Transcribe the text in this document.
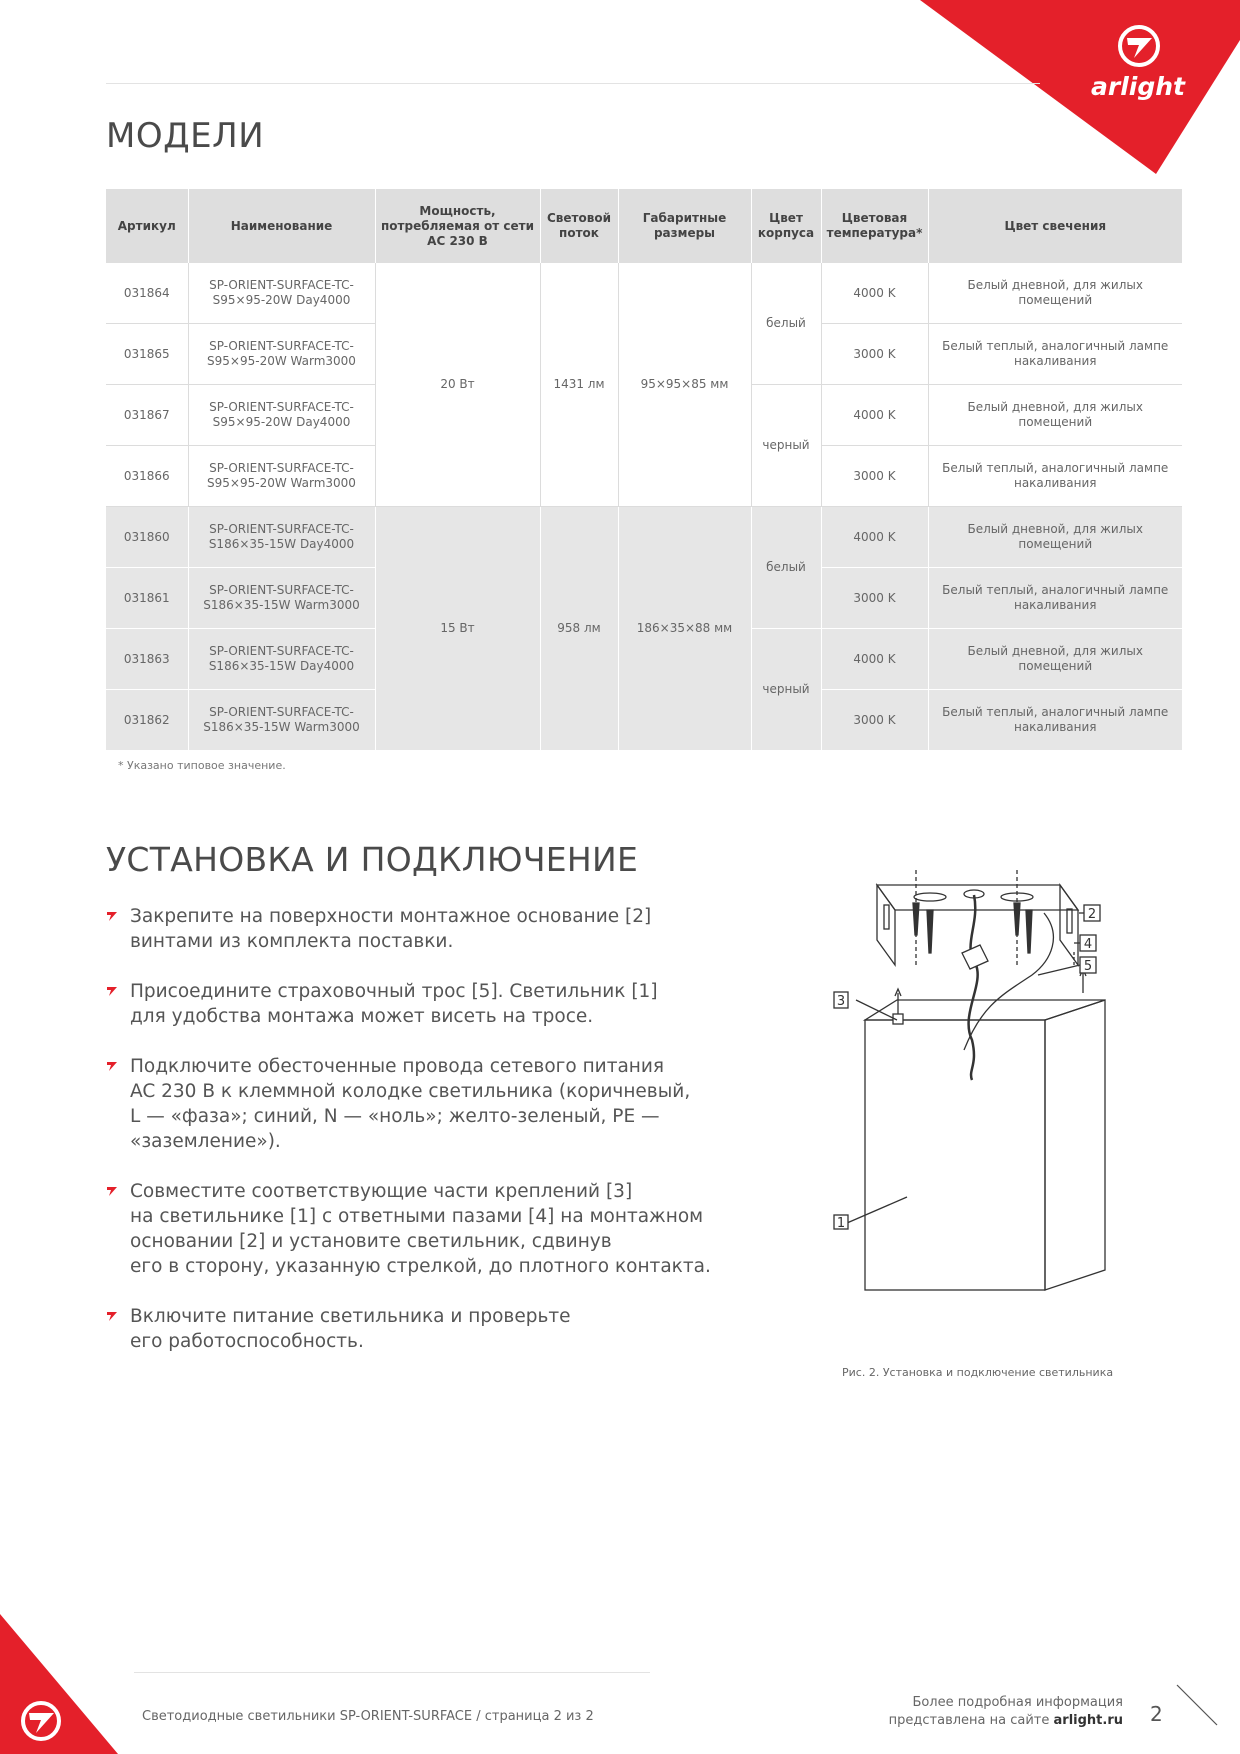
arlight
МОДЕЛИ
Артикул	Наименование	Мощность, потребляемая от сети AC 230 В	Световой поток	Габаритные размеры	Цвет корпуса	Цветовая температура*	Цвет свечения
031864	SP-ORIENT-SURFACE-TC-S95×95-20W Day4000	20 Вт	1431 лм	95×95×85 мм	белый	4000 K	Белый дневной, для жилых помещений
031865	SP-ORIENT-SURFACE-TC-S95×95-20W Warm3000					3000 K	Белый теплый, аналогичный лампе накаливания
031867	SP-ORIENT-SURFACE-TC-S95×95-20W Day4000				черный	4000 K	Белый дневной, для жилых помещений
031866	SP-ORIENT-SURFACE-TC-S95×95-20W Warm3000					3000 K	Белый теплый, аналогичный лампе накаливания
031860	SP-ORIENT-SURFACE-TC-S186×35-15W Day4000	15 Вт	958 лм	186×35×88 мм	белый	4000 K	Белый дневной, для жилых помещений
031861	SP-ORIENT-SURFACE-TC-S186×35-15W Warm3000					3000 K	Белый теплый, аналогичный лампе накаливания
031863	SP-ORIENT-SURFACE-TC-S186×35-15W Day4000				черный	4000 K	Белый дневной, для жилых помещений
031862	SP-ORIENT-SURFACE-TC-S186×35-15W Warm3000					3000 K	Белый теплый, аналогичный лампе накаливания
* Указано типовое значение.
УСТАНОВКА И ПОДКЛЮЧЕНИЕ
Закрепите на поверхности монтажное основание [2]
винтами из комплекта поставки.
Присоедините страховочный трос [5]. Светильник [1]
для удобства монтажа может висеть на тросе.
Подключите обесточенные провода сетевого питания
AC 230 В к клеммной колодке светильника (коричневый,
L — «фаза»; синий, N — «ноль»; желто-зеленый, PE —
«заземление»).
Совместите соответствующие части креплений [3]
на светильнике [1] с ответными пазами [4] на монтажном
основании [2] и установите светильник, сдвинув
его в сторону, указанную стрелкой, до плотного контакта.
Включите питание светильника и проверьте
его работоспособность.
1
2
3
4
5
Рис. 2. Установка и подключение светильника
Светодиодные светильники SP-ORIENT-SURFACE / страница 2 из 2
Более подробная информация
представлена на сайте arlight.ru 2
